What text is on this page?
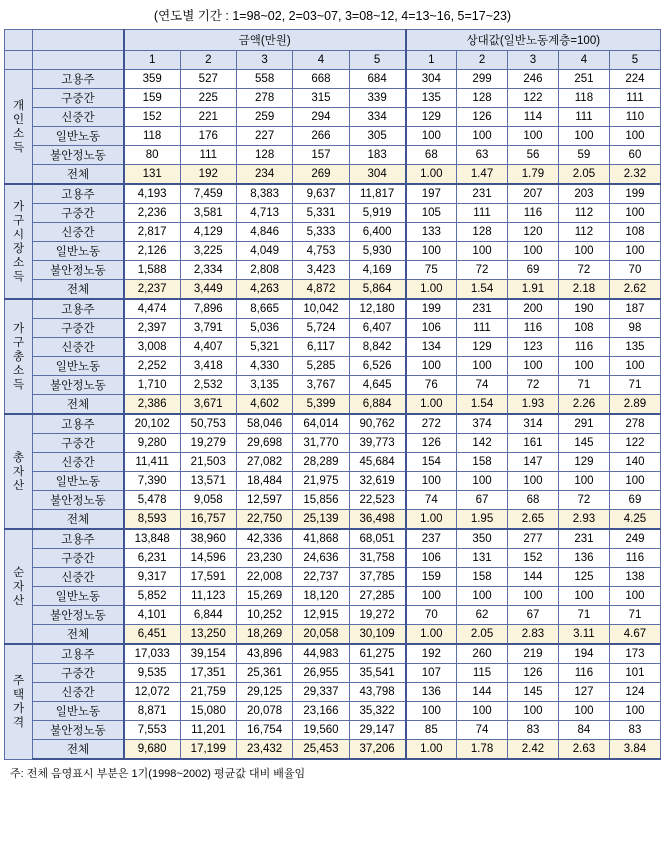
(연도별 기간 : 1=98~02, 2=03~07, 3=08~12, 4=13~16, 5=17~23)
		금액(만원)					상대값(일반노동계층=100)				
		1	2	3	4	5	1	2	3	4	5

개
인
소
득	고용주	359	527	558	668	684	304	299	246	251	224
	구중간	159	225	278	315	339	135	128	122	118	111
	신중간	152	221	259	294	334	129	126	114	111	110
	일반노동	118	176	227	266	305	100	100	100	100	100
	불안정노동	80	111	128	157	183	68	63	56	59	60
	전체	131	192	234	269	304	1.00	1.47	1.79	2.05	2.32

가
구
시
장
소
득
	고용주	4,193	7,459	8,383	9,637	11,817	197	231	207	203	199
	구중간	2,236	3,581	4,713	5,331	5,919	105	111	116	112	100
	신중간	2,817	4,129	4,846	5,333	6,400	133	128	120	112	108
	일반노동	2,126	3,225	4,049	4,753	5,930	100	100	100	100	100
	불안정노동	1,588	2,334	2,808	3,423	4,169	75	72	69	72	70
	전체	2,237	3,449	4,263	4,872	5,864	1.00	1.54	1.91	2.18	2.62

가
구
총
소
득	고용주	4,474	7,896	8,665	10,042	12,180	199	231	200	190	187
	구중간	2,397	3,791	5,036	5,724	6,407	106	111	116	108	98
	신중간	3,008	4,407	5,321	6,117	8,842	134	129	123	116	135
	일반노동	2,252	3,418	4,330	5,285	6,526	100	100	100	100	100
	불안정노동	1,710	2,532	3,135	3,767	4,645	76	74	72	71	71
	전체	2,386	3,671	4,602	5,399	6,884	1.00	1.54	1.93	2.26	2.89

총
자
산	고용주	20,102	50,753	58,046	64,014	90,762	272	374	314	291	278
	구중간	9,280	19,279	29,698	31,770	39,773	126	142	161	145	122
	신중간	11,411	21,503	27,082	28,289	45,684	154	158	147	129	140
	일반노동	7,390	13,571	18,484	21,975	32,619	100	100	100	100	100
	불안정노동	5,478	9,058	12,597	15,856	22,523	74	67	68	72	69
	전체	8,593	16,757	22,750	25,139	36,498	1.00	1.95	2.65	2.93	4.25

순
자
산	고용주	13,848	38,960	42,336	41,868	68,051	237	350	277	231	249
	구중간	6,231	14,596	23,230	24,636	31,758	106	131	152	136	116
	신중간	9,317	17,591	22,008	22,737	37,785	159	158	144	125	138
	일반노동	5,852	11,123	15,269	18,120	27,285	100	100	100	100	100
	불안정노동	4,101	6,844	10,252	12,915	19,272	70	62	67	71	71
	전체	6,451	13,250	18,269	20,058	30,109	1.00	2.05	2.83	3.11	4.67

주
택
가
격	고용주	17,033	39,154	43,896	44,983	61,275	192	260	219	194	173
	구중간	9,535	17,351	25,361	26,955	35,541	107	115	126	116	101
	신중간	12,072	21,759	29,125	29,337	43,798	136	144	145	127	124
	일반노동	8,871	15,080	20,078	23,166	35,322	100	100	100	100	100
	불안정노동	7,553	11,201	16,754	19,560	29,147	85	74	83	84	83
	전체	9,680	17,199	23,432	25,453	37,206	1.00	1.78	2.42	2.63	3.84
주: 전체 음영표시 부분은 1기(1998~2002) 평균값 대비 배율임
